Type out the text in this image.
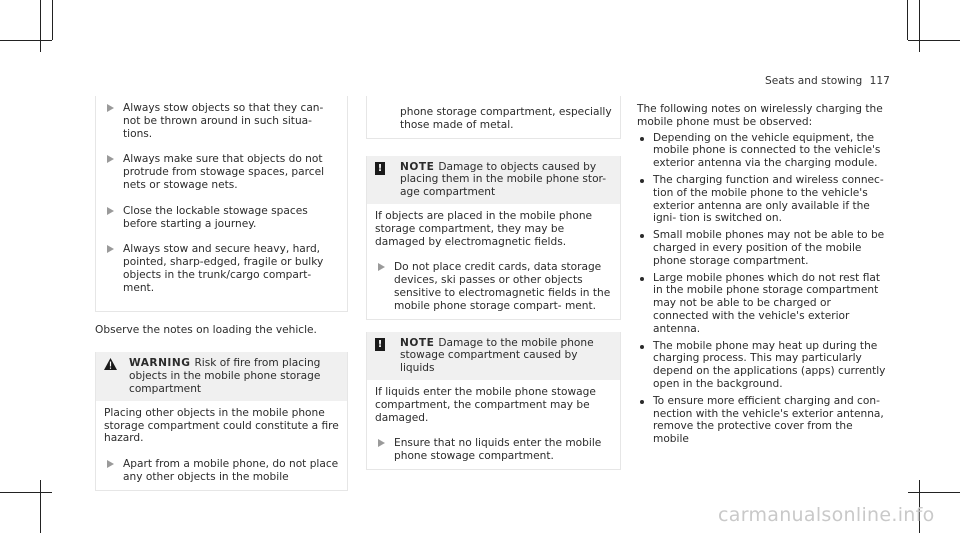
Seats and stowing 117
Always stow objects so that they can- not be thrown around in such situa- tions.
Always make sure that objects do not protrude from stowage spaces, parcel nets or stowage nets.
Close the lockable stowage spaces before starting a journey.
Always stow and secure heavy, hard, pointed, sharp-edged, fragile or bulky objects in the trunk/cargo compart- ment.

Observe the notes on loading the vehicle.

WARNING Risk of fire from placing objects in the mobile phone storage compartment

Placing other objects in the mobile phone storage compartment could constitute a fire hazard.

Apart from a mobile phone, do not place any other objects in the mobile

phone storage compartment, especially those made of metal.

!	NOTE Damage to objects caused by placing them in the mobile phone stor- age compartment

If objects are placed in the mobile phone storage compartment, they may be damaged by electromagnetic fields.

Do not place credit cards, data storage devices, ski passes or other objects sensitive to electromagnetic fields in the mobile phone storage compart- ment.
!	NOTE Damage to the mobile phone stowage compartment caused by liquids

If liquids enter the mobile phone stowage compartment, the compartment may be damaged.

Ensure that no liquids enter the mobile phone stowage compartment.

The following notes on wirelessly charging the mobile phone must be observed:

Depending on the vehicle equipment, the mobile phone is connected to the vehicle's exterior antenna via the charging module.
The charging function and wireless connec- tion of the mobile phone to the vehicle's exterior antenna are only available if the igni- tion is switched on.
Small mobile phones may not be able to be charged in every position of the mobile phone storage compartment.
Large mobile phones which do not rest flat in the mobile phone storage compartment may not be able to be charged or connected with the vehicle's exterior antenna.
The mobile phone may heat up during the charging process. This may particularly depend on the applications (apps) currently open in the background.
To ensure more efficient charging and con- nection with the vehicle's exterior antenna, remove the protective cover from the mobile
carmanualsonline.info
